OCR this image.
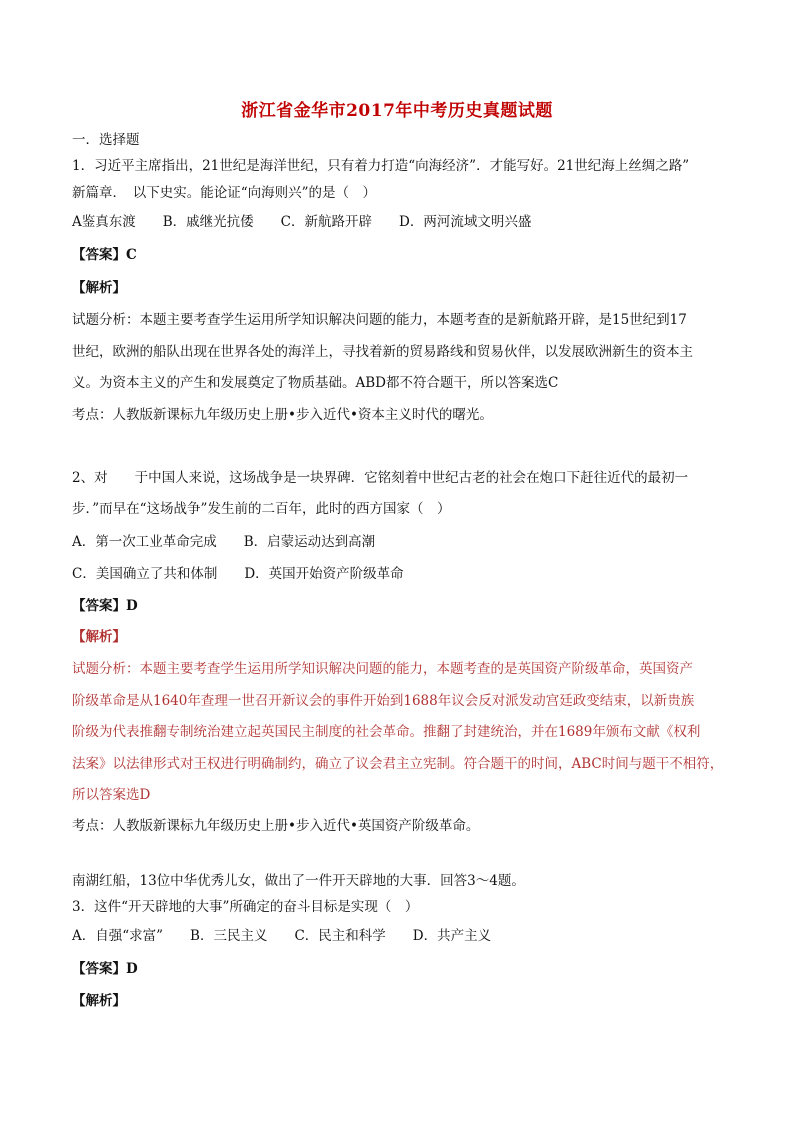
浙江省金华市2017年中考历史真题试题
一．选择题
1．习近平主席指出，21世纪是海洋世纪，只有着力打造“向海经济”．才能写好。21世纪海上丝绸之路”
新篇章．　以下史实。能论证“向海则兴”的是（　）
A鉴真东渡　　B．戚继光抗倭　　C．新航路开辟　　D．两河流域文明兴盛
【答案】C
【解析】
试题分析：本题主要考查学生运用所学知识解决问题的能力，本题考查的是新航路开辟，是15世纪到17
世纪，欧洲的船队出现在世界各处的海洋上，寻找着新的贸易路线和贸易伙伴，以发展欧洲新生的资本主
义。为资本主义的产生和发展奠定了物质基础。ABD都不符合题干，所以答案选C
考点：人教版新课标九年级历史上册•步入近代•资本主义时代的曙光。
2、对　　于中国人来说，这场战争是一块界碑．它铭刻着中世纪古老的社会在炮口下赶往近代的最初一
步．”而早在“这场战争”发生前的二百年，此时的西方国家（　）
A．第一次工业革命完成　　B．启蒙运动达到高潮
C．美国确立了共和体制　　D．英国开始资产阶级革命
【答案】D
【解析】
试题分析：本题主要考查学生运用所学知识解决问题的能力，本题考查的是英国资产阶级革命，英国资产
阶级革命是从1640年查理一世召开新议会的事件开始到1688年议会反对派发动宫廷政变结束，以新贵族
阶级为代表推翻专制统治建立起英国民主制度的社会革命。推翻了封建统治，并在1689年颁布文献《权利
法案》以法律形式对王权进行明确制约，确立了议会君主立宪制。符合题干的时间，ABC时间与题干不相符，
所以答案选D
考点：人教版新课标九年级历史上册•步入近代•英国资产阶级革命。
南湖红船，13位中华优秀儿女，做出了一件开天辟地的大事．回答3～4题。
3．这件“开天辟地的大事”所确定的奋斗目标是实现（　）
A．自强“求富”　　B．三民主义　　C．民主和科学　　D．共产主义
【答案】D
【解析】
